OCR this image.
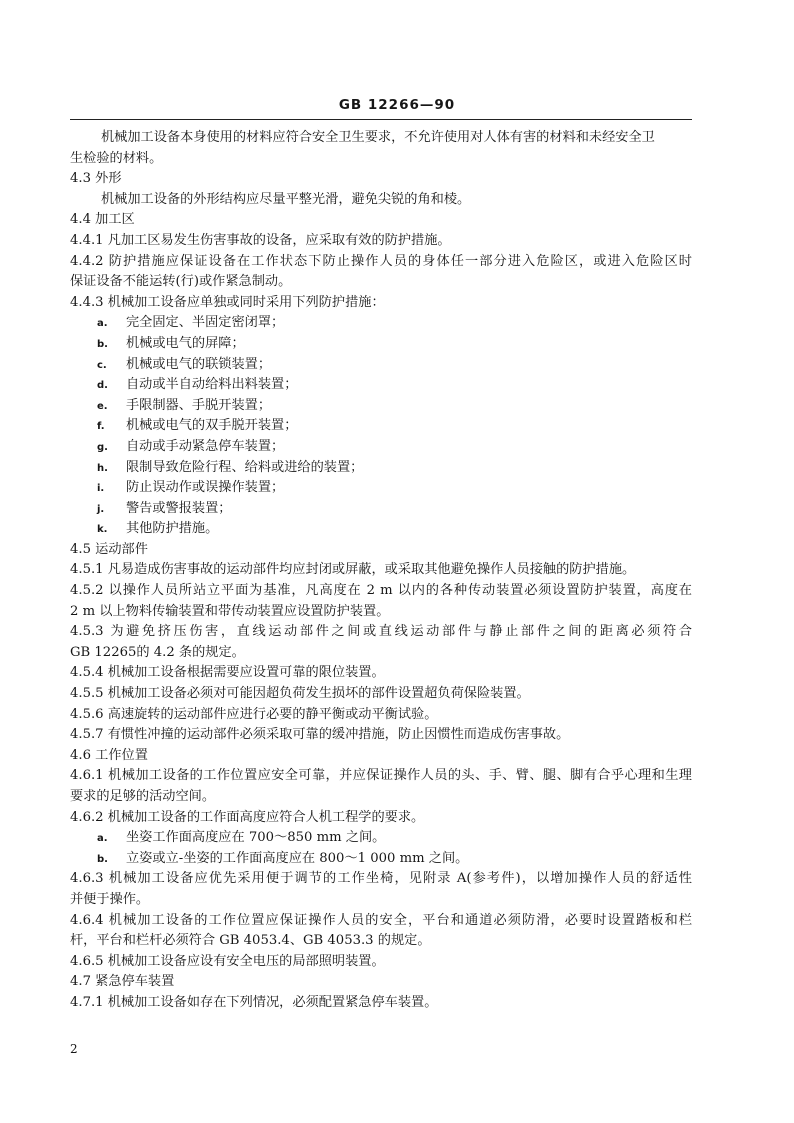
GB 12266—90
机械加工设备本身使用的材料应符合安全卫生要求，不允许使用对人体有害的材料和未经安全卫
生检验的材料。
4.3 外形
机械加工设备的外形结构应尽量平整光滑，避免尖锐的角和棱。
4.4 加工区
4.4.1 凡加工区易发生伤害事故的设备，应采取有效的防护措施。
4.4.2 防护措施应保证设备在工作状态下防止操作人员的身体任一部分进入危险区，或进入危险区时
保证设备不能运转(行)或作紧急制动。
4.4.3 机械加工设备应单独或同时采用下列防护措施：
a. 完全固定、半固定密闭罩；
b. 机械或电气的屏障；
c. 机械或电气的联锁装置；
d. 自动或半自动给料出料装置；
e. 手限制器、手脱开装置；
f. 机械或电气的双手脱开装置；
g. 自动或手动紧急停车装置；
h. 限制导致危险行程、给料或进给的装置；
i. 防止误动作或误操作装置；
j. 警告或警报装置；
k. 其他防护措施。
4.5 运动部件
4.5.1 凡易造成伤害事故的运动部件均应封闭或屏蔽，或采取其他避免操作人员接触的防护措施。
4.5.2 以操作人员所站立平面为基准，凡高度在 2 m 以内的各种传动装置必须设置防护装置，高度在
2 m 以上物料传输装置和带传动装置应设置防护装置。
4.5.3 为避免挤压伤害，直线运动部件之间或直线运动部件与静止部件之间的距离必须符合
GB 12265的 4.2 条的规定。
4.5.4 机械加工设备根据需要应设置可靠的限位装置。
4.5.5 机械加工设备必须对可能因超负荷发生损坏的部件设置超负荷保险装置。
4.5.6 高速旋转的运动部件应进行必要的静平衡或动平衡试验。
4.5.7 有惯性冲撞的运动部件必须采取可靠的缓冲措施，防止因惯性而造成伤害事故。
4.6 工作位置
4.6.1 机械加工设备的工作位置应安全可靠，并应保证操作人员的头、手、臂、腿、脚有合乎心理和生理
要求的足够的活动空间。
4.6.2 机械加工设备的工作面高度应符合人机工程学的要求。
a. 坐姿工作面高度应在 700～850 mm 之间。
b. 立姿或立-坐姿的工作面高度应在 800～1 000 mm 之间。
4.6.3 机械加工设备应优先采用便于调节的工作坐椅，见附录 A(参考件)，以增加操作人员的舒适性
并便于操作。
4.6.4 机械加工设备的工作位置应保证操作人员的安全，平台和通道必须防滑，必要时设置踏板和栏
杆，平台和栏杆必须符合 GB 4053.4、GB 4053.3 的规定。
4.6.5 机械加工设备应设有安全电压的局部照明装置。
4.7 紧急停车装置
4.7.1 机械加工设备如存在下列情况，必须配置紧急停车装置。
2
